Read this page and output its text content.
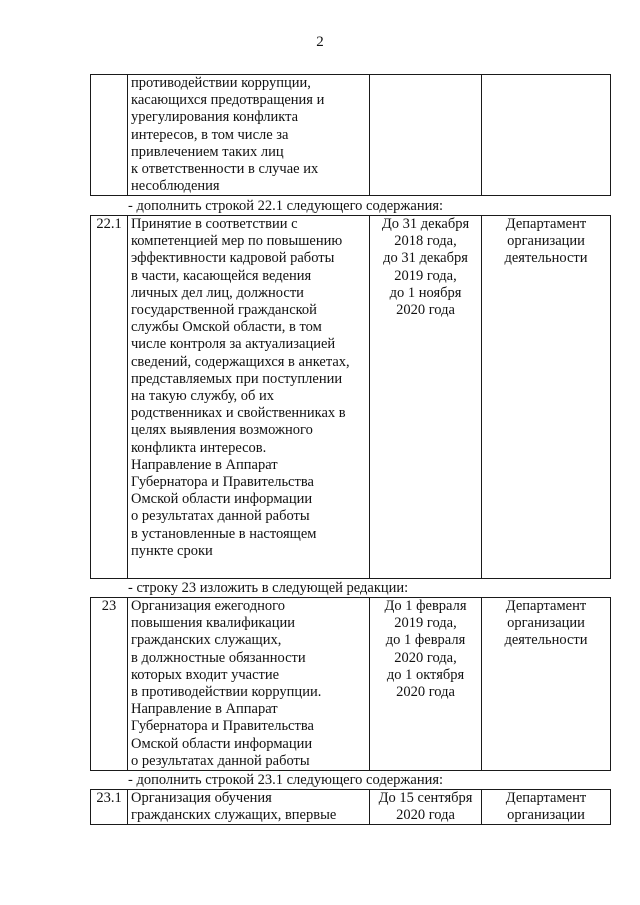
2
	противодействии коррупции,
касающихся предотвращения и
урегулирования конфликта
интересов, в том числе за
привлечением таких лиц
к ответственности в случае их
несоблюдения		
- дополнить строкой 22.1 следующего содержания:
22.1	Принятие в соответствии с
компетенцией мер по повышению
эффективности кадровой работы
в части, касающейся ведения
личных дел лиц, должности
государственной гражданской
службы Омской области, в том
числе контроля за актуализацией
сведений, содержащихся в анкетах,
представляемых при поступлении
на такую службу, об их
родственниках и свойственниках в
целях выявления возможного
конфликта интересов.
Направление в Аппарат
Губернатора и Правительства
Омской области информации
о результатах данной работы
в установленные в настоящем
пункте сроки	До 31 декабря
2018 года,
до 31 декабря
2019 года,
до 1 ноября
2020 года	Департамент
организации
деятельности
- строку 23 изложить в следующей редакции:
23	Организация ежегодного
повышения квалификации
гражданских служащих,
в должностные обязанности
которых входит участие
в противодействии коррупции.
Направление в Аппарат
Губернатора и Правительства
Омской области информации
о результатах данной работы	До 1 февраля
2019 года,
до 1 февраля
2020 года,
до 1 октября
2020 года	Департамент
организации
деятельности
- дополнить строкой 23.1 следующего содержания:
23.1	Организация обучения
гражданских служащих, впервые	До 15 сентября
2020 года	Департамент
организации
